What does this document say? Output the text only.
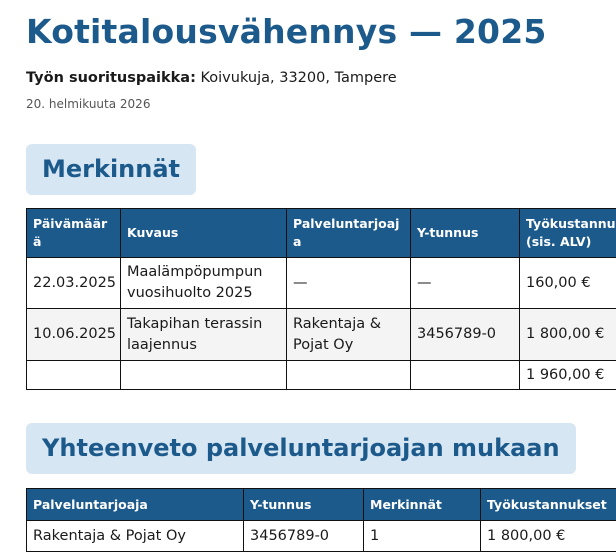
Kotitalousvähennys — 2025
Työn suorituspaikka: Koivukuja, 33200, Tampere
20. helmikuuta 2026
Merkinnät
Päivämäär ä	Kuvaus	Palveluntarjoaj a	Y-tunnus	Työkustannu (sis. ALV)
22.03.2025	Maalämpöpumpun vuosihuolto 2025	—	—	160,00 €
10.06.2025	Takapihan terassin laajennus	Rakentaja & Pojat Oy	3456789-0	1 800,00 €
				1 960,00 €
Yhteenveto palveluntarjoajan mukaan
Palveluntarjoaja	Y-tunnus	Merkinnät	Työkustannukset
Rakentaja & Pojat Oy	3456789-0	1	1 800,00 €
